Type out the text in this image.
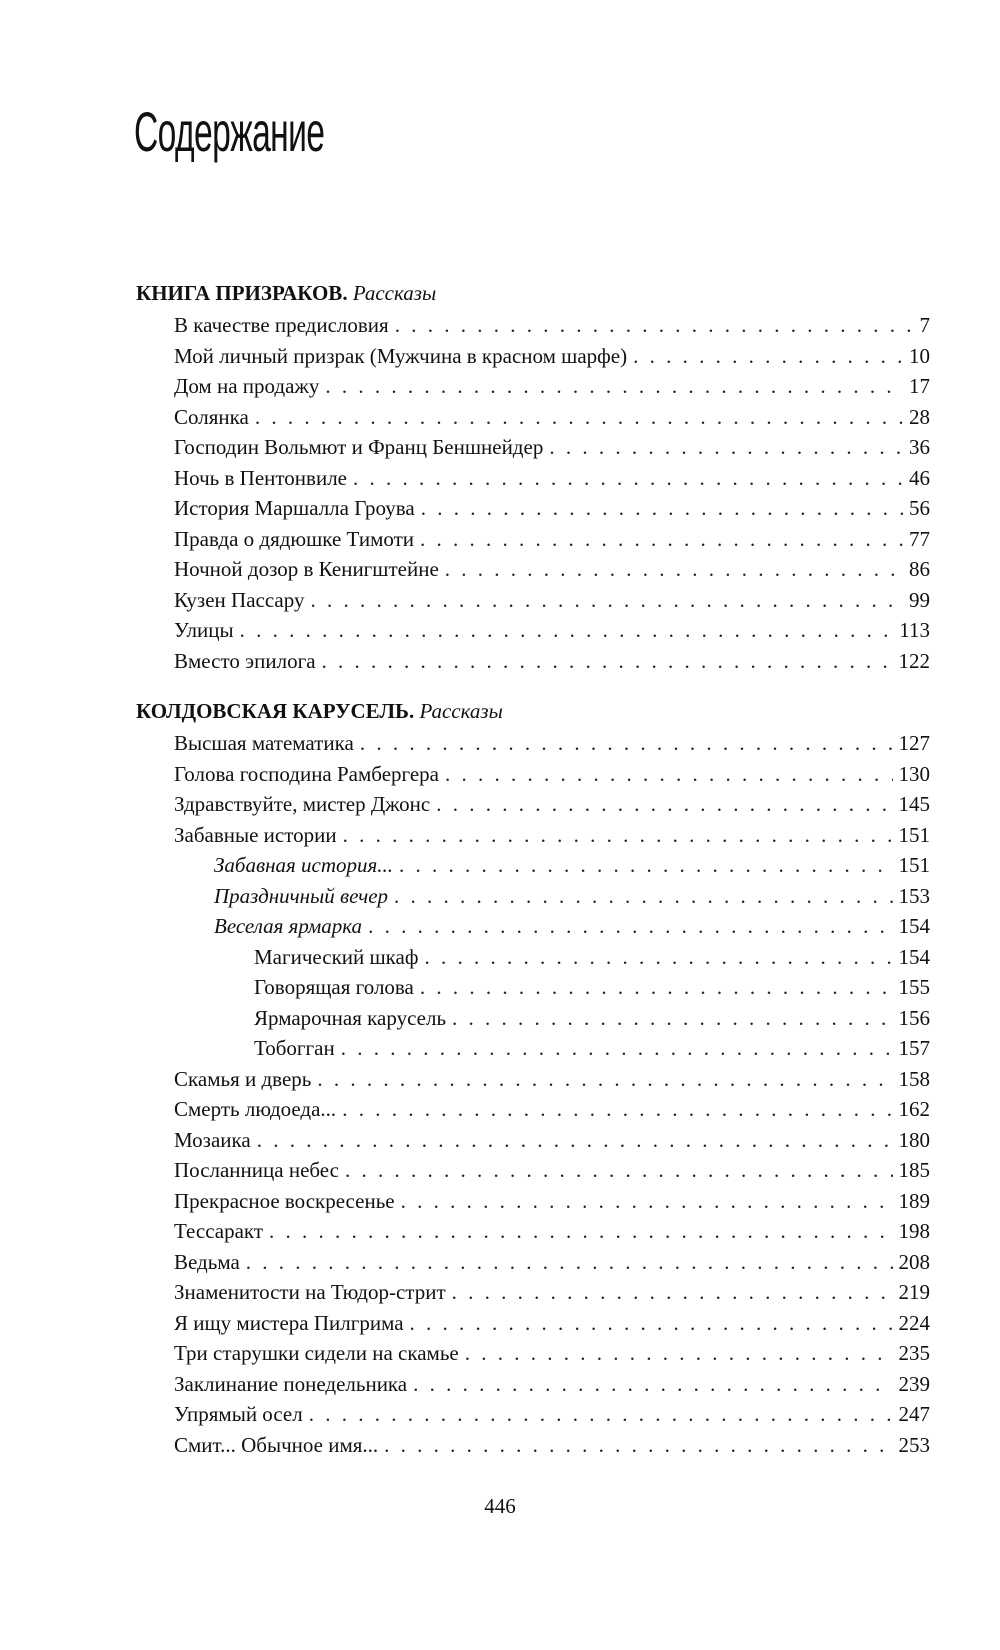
Содержание
КНИГА ПРИЗРАКОВ. Рассказы
В качестве предисловия . . .	7
Мой личный призрак (Мужчина в красном шарфе) . . .	10
Дом на продажу . . .	17
Солянка . . .	28
Господин Вольмют и Франц Беншнейдер . . .	36
Ночь в Пентонвиле . . .	46
История Маршалла Гроува . . .	56
Правда о дядюшке Тимоти . . .	77
Ночной дозор в Кенигштейне . . .	86
Кузен Пассару . . .	99
Улицы . . .	113
Вместо эпилога . . .	122
КОЛДОВСКАЯ КАРУСЕЛЬ. Рассказы
Высшая математика . . .	127
Голова господина Рамбергера . . .	130
Здравствуйте, мистер Джонс . . .	145
Забавные истории . . .	151
Забавная история... . . .	151
Праздничный вечер . . .	153
Веселая ярмарка . . .	154
Магический шкаф . . .	154
Говорящая голова . . .	155
Ярмарочная карусель . . .	156
Тобогган . . .	157
Скамья и дверь . . .	158
Смерть людоеда... . . .	162
Мозаика . . .	180
Посланница небес . . .	185
Прекрасное воскресенье . . .	189
Тессаракт . . .	198
Ведьма . . .	208
Знаменитости на Тюдор-стрит . . .	219
Я ищу мистера Пилгрима . . .	224
Три старушки сидели на скамье . . .	235
Заклинание понедельника . . .	239
Упрямый осел . . .	247
Смит... Обычное имя... . . .	253
446
